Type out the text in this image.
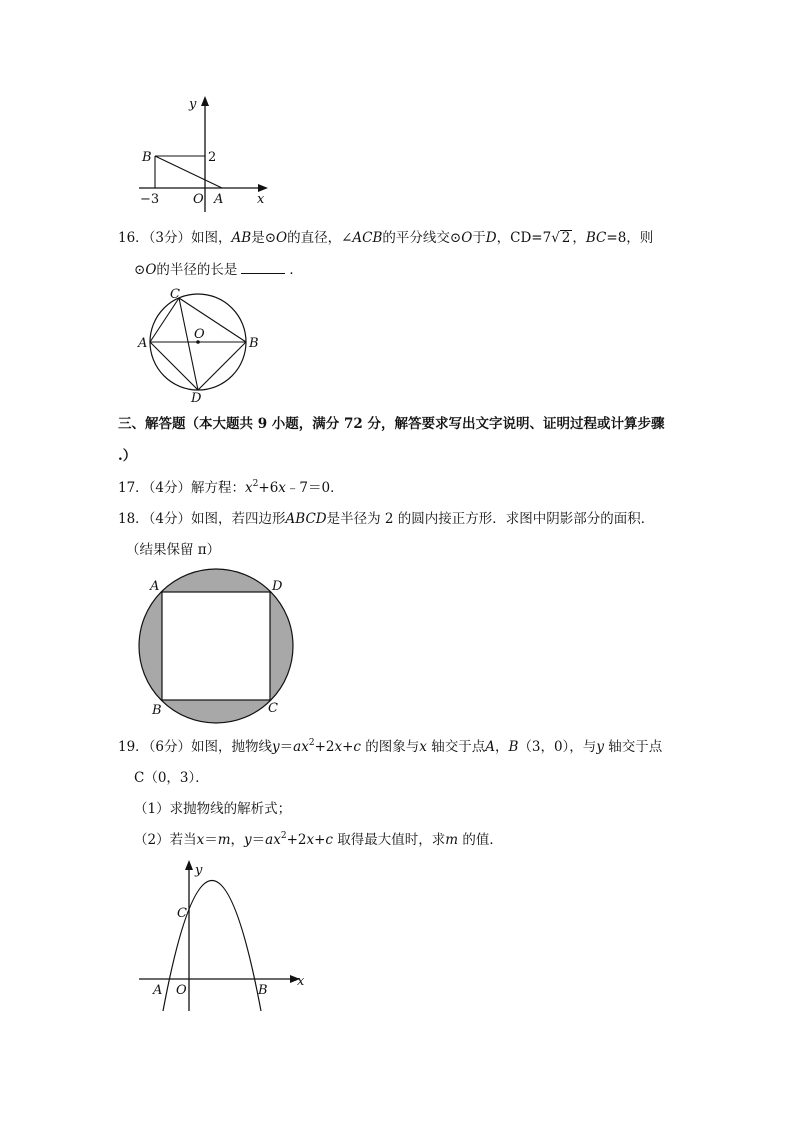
y
x
B	2
−3	O A
16．（3分）如图，AB是⊙O的直径，∠ACB的平分线交⊙O于D，CD=7√ 2 ，BC=8，则
⊙O的半径的长是	．
C
O
A	B
D
三、解答题（本大题共 9 小题，满分 72 分，解答要求写出文字说明、证明过程或计算步骤
.）
17．（4分）解方程：$x^2+6x﹣7=0$．
18．（4分）如图，若四边形ABCD是半径为 2 的圆内接正方形．求图中阴影部分的面积．
（结果保留 π）
A	D
B	C
19．（6分）如图，抛物线$y=ax^2+2x+c$ 的图象与x 轴交于点A，B（3，0），与y 轴交于点
C（0，3）．
（1）求抛物线的解析式；
（2）若当x＝m，$y=ax^2+2x+c$ 取得最大值时，求m 的值．
y
x
C
A O	B
